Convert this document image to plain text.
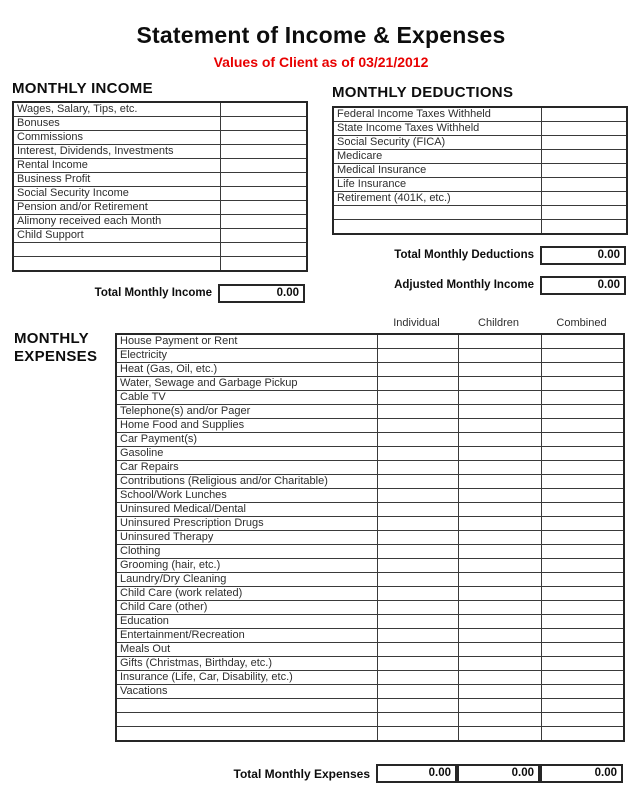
Statement of Income & Expenses
Values of Client as of 03/21/2012
MONTHLY INCOME
Wages, Salary, Tips, etc.	
Bonuses	
Commissions	
Interest, Dividends, Investments	
Rental Income	
Business Profit	
Social Security Income	
Pension and/or Retirement	
Alimony received each Month	
Child Support	

Total Monthly Income	0.00
MONTHLY DEDUCTIONS
Federal Income Taxes Withheld	
State Income Taxes Withheld	
Social Security (FICA)	
Medicare	
Medical Insurance	
Life Insurance	
Retirement (401K, etc.)	

Total Monthly Deductions	0.00
Adjusted Monthly Income	0.00
Individual	Children	Combined
MONTHLY
EXPENSES
House Payment or Rent			
Electricity			
Heat (Gas, Oil, etc.)			
Water, Sewage and Garbage Pickup			
Cable TV			
Telephone(s) and/or Pager			
Home Food and Supplies			
Car Payment(s)			
Gasoline			
Car Repairs			
Contributions (Religious and/or Charitable)			
School/Work Lunches			
Uninsured Medical/Dental			
Uninsured Prescription Drugs			
Uninsured Therapy			
Clothing			
Grooming (hair, etc.)			
Laundry/Dry Cleaning			
Child Care (work related)			
Child Care (other)			
Education			
Entertainment/Recreation			
Meals Out			
Gifts (Christmas, Birthday, etc.)			
Insurance (Life, Car, Disability, etc.)			
Vacations			

Total Monthly Expenses	0.00	0.00	0.00
